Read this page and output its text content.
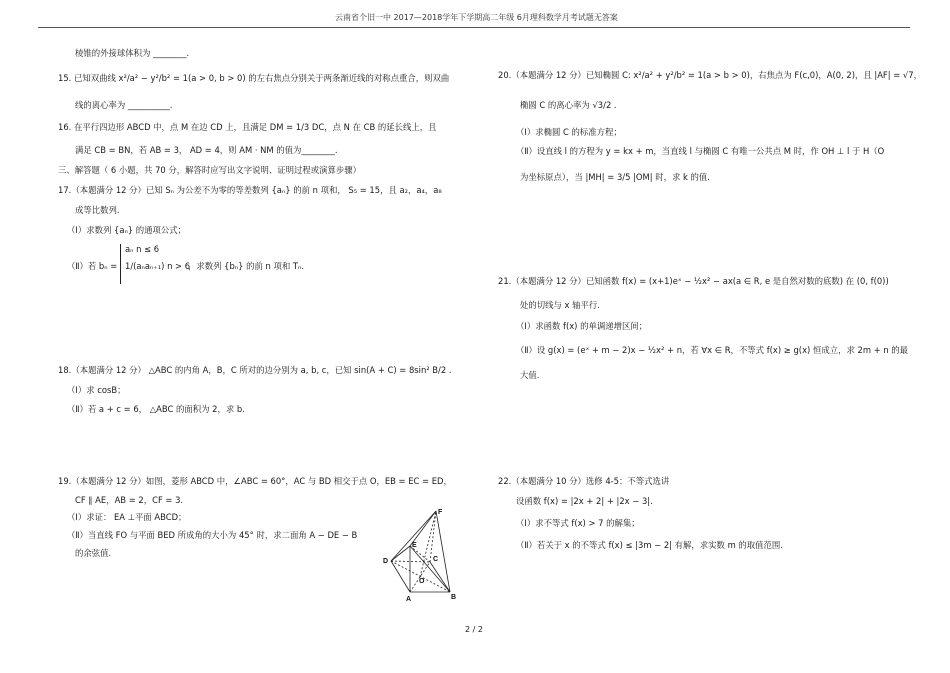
云南省个旧一中 2017—2018学年下学期高二年级 6月理科数学月考试题无答案
棱锥的外接球体积为 ________.
15. 已知双曲线 x²/a² − y²/b² = 1(a > 0, b > 0) 的左右焦点分别关于两条渐近线的对称点重合，则双曲
线的离心率为 __________.
16. 在平行四边形 ABCD 中，点 M 在边 CD 上，且满足 DM = 1/3 DC，点 N 在 CB 的延长线上，且
满足 CB = BN，若 AB = 3， AD = 4，则 AM · NM 的值为________.
三、解答题（ 6 小题，共 70 分，解答时应写出文字说明、证明过程或演算步骤）
17.（本题满分 12 分）已知 Sₙ 为公差不为零的等差数列 {aₙ} 的前 n 项和， S₅ = 15，且 a₂，a₄，a₈
成等比数列.
（Ⅰ）求数列 {aₙ} 的通项公式；
（Ⅱ）若 bₙ =
aₙ n ≤ 6
1/(aₙaₙ₊₁) n > 6
，求数列 {bₙ} 的前 n 项和 Tₙ.
18.（本题满分 12 分） △ABC 的内角 A，B，C 所对的边分别为 a, b, c，已知 sin(A + C) = 8sin² B/2 .
（Ⅰ）求 cosB；
（Ⅱ）若 a + c = 6， △ABC 的面积为 2，求 b.
19.（本题满分 12 分）如图，菱形 ABCD 中，∠ABC = 60°，AC 与 BD 相交于点 O，EB = EC = ED，
CF ∥ AE，AB = 2，CF = 3.
（Ⅰ）求证： EA ⊥平面 ABCD；
（Ⅱ）当直线 FO 与平面 BED 所成角的大小为 45° 时，求二面角 A − DE − B
的余弦值.
F
E
D	C
O
A	B
20.（本题满分 12 分）已知椭圆 C: x²/a² + y²/b² = 1(a > b > 0)，右焦点为 F(c,0)，A(0, 2)，且 |AF| = √7，
椭圆 C 的离心率为 √3/2 .
（Ⅰ）求椭圆 C 的标准方程；
（Ⅱ）设直线 l 的方程为 y = kx + m，当直线 l 与椭圆 C 有唯一公共点 M 时，作 OH ⊥ l 于 H（O
为坐标原点），当 |MH| = 3/5 |OM| 时，求 k 的值.
21.（本题满分 12 分）已知函数 f(x) = (x+1)eˣ − ½x² − ax(a ∈ R, e 是自然对数的底数) 在 (0, f(0))
处的切线与 x 轴平行.
（Ⅰ）求函数 f(x) 的单调递增区间；
（Ⅱ）设 g(x) = (eˣ + m − 2)x − ½x² + n，若 ∀x ∈ R，不等式 f(x) ≥ g(x) 恒成立，求 2m + n 的最
大值.
22.（本题满分 10 分）选修 4-5：不等式选讲
设函数 f(x) = |2x + 2| + |2x − 3|.
（Ⅰ）求不等式 f(x) > 7 的解集；
（Ⅱ）若关于 x 的不等式 f(x) ≤ |3m − 2| 有解，求实数 m 的取值范围.
2 / 2
